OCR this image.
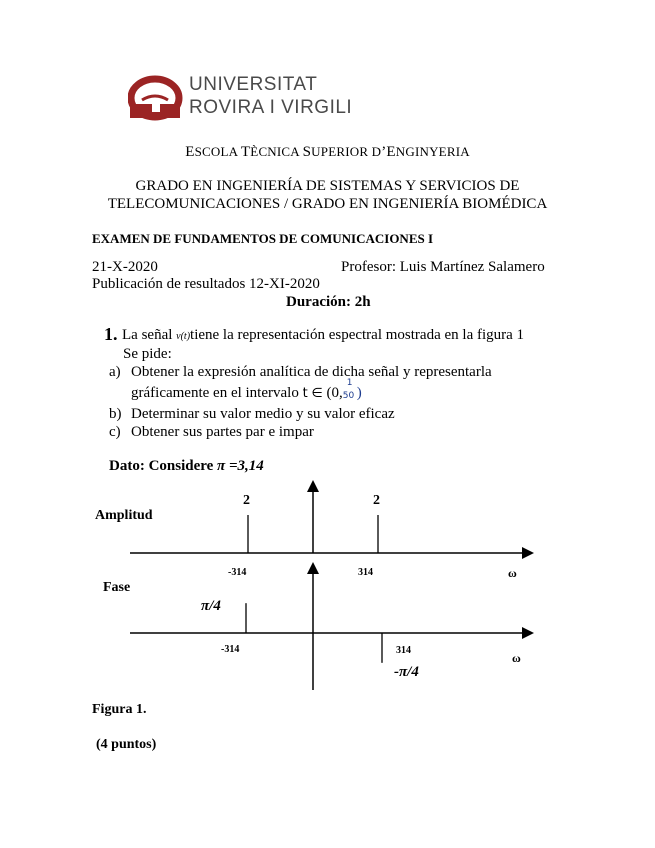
UNIVERSITAT
ROVIRA I VIRGILI
ESCOLA TÈCNICA SUPERIOR D’ENGINYERIA
GRADO EN INGENIERÍA DE SISTEMAS Y SERVICIOS DE
TELECOMUNICACIONES / GRADO EN INGENIERÍA BIOMÉDICA
EXAMEN DE FUNDAMENTOS DE COMUNICACIONES I
21-X-2020	Profesor: Luis Martínez Salamero
Publicación de resultados 12-XI-2020
Duración: 2h
1. La señal v(t)tiene la representación espectral mostrada en la figura 1
Se pide:
a) Obtener la expresión analítica de dicha señal y representarla
gráficamente en el intervalo t ∈ (0,
1
50 )
b) Determinar su valor medio y su valor eficaz
c) Obtener sus partes par e impar
Dato: Considere π =3,14
Amplitud
Fase
2
-314
2
314
-314
π/4
314
-π/4
ω
ω
Figura 1.
(4 puntos)
